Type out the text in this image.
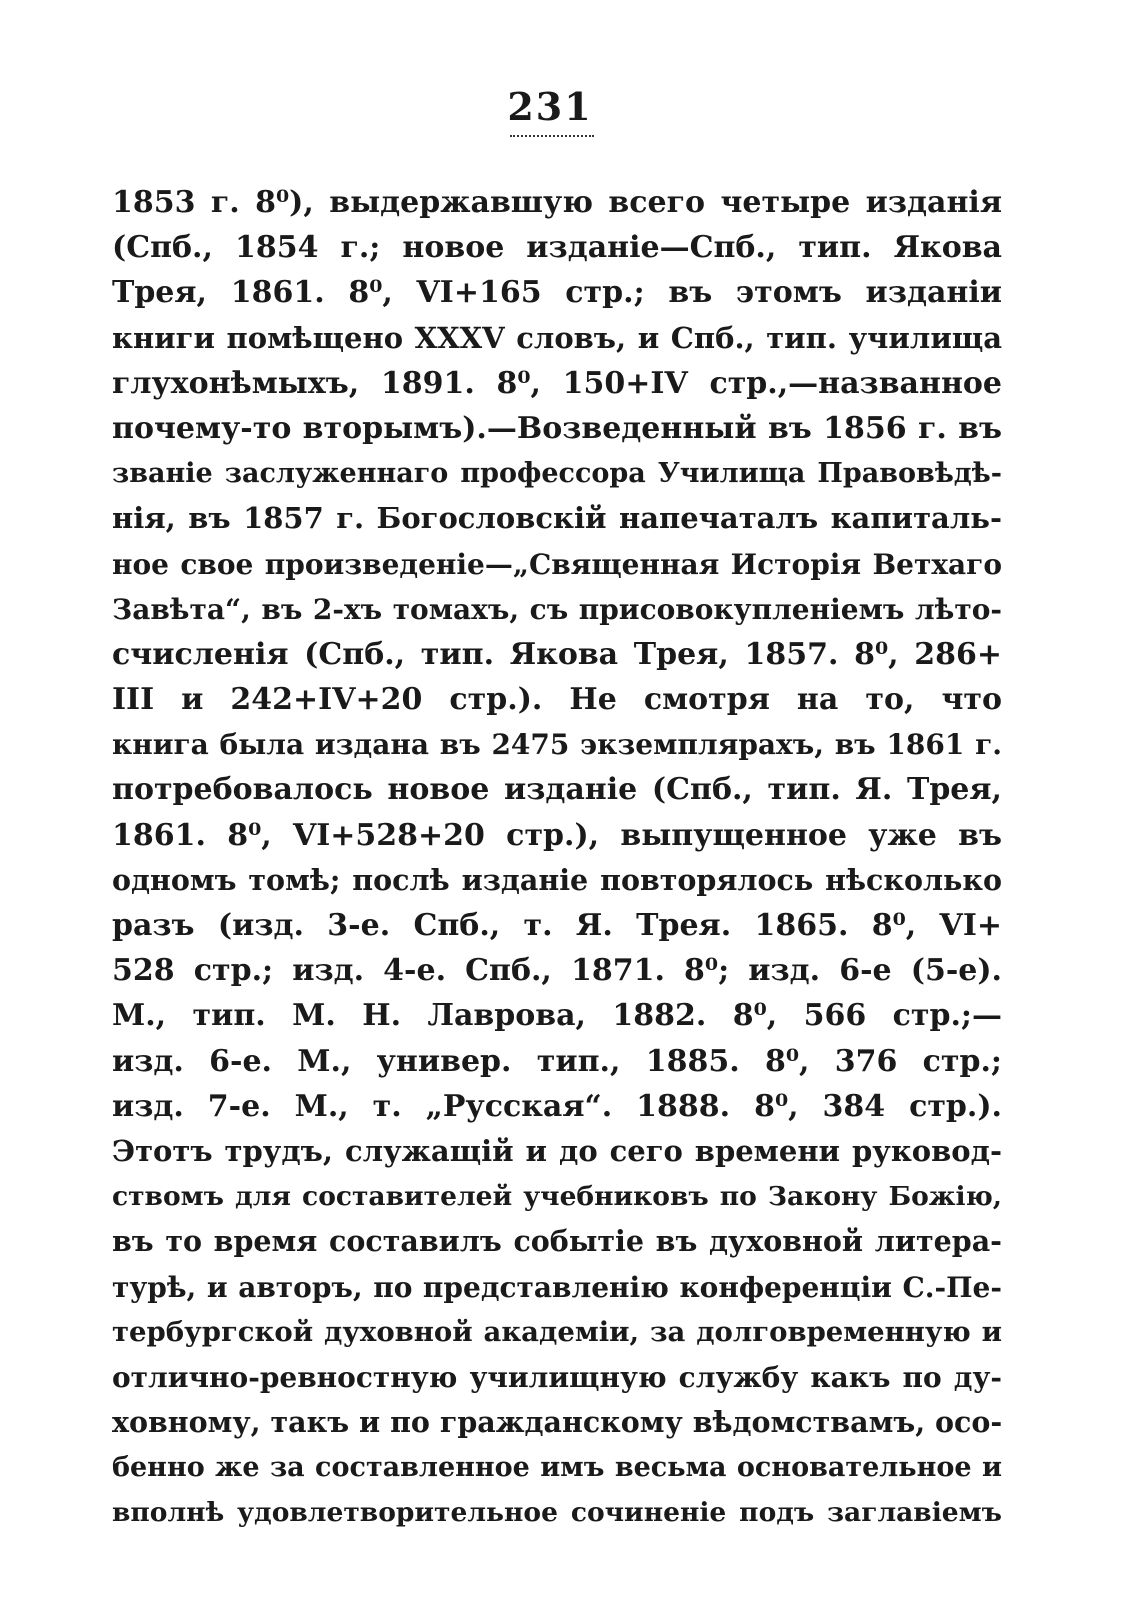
231
1853 г. 8⁰), выдержавшую всего четыре изданія
(Спб., 1854 г.; новое изданіе—Спб., тип. Якова
Трея, 1861. 8⁰, VI+165 стр.; въ этомъ изданіи
книги помѣщено XXXV словъ, и Спб., тип. училища
глухонѣмыхъ, 1891. 8⁰, 150+IV стр.,—названное
почему-то вторымъ).—Возведенный въ 1856 г. въ
званіе заслуженнаго профессора Училища Правовѣдѣ-
нія, въ 1857 г. Богословскій напечаталъ капиталь-
ное свое произведеніе—„Священная Исторія Ветхаго
Завѣта“, въ 2-хъ томахъ, съ присовокупленіемъ лѣто-
счисленія (Спб., тип. Якова Трея, 1857. 8⁰, 286+
III и 242+IV+20 стр.). Не смотря на то, что
книга была издана въ 2475 экземплярахъ, въ 1861 г.
потребовалось новое изданіе (Спб., тип. Я. Трея,
1861. 8⁰, VI+528+20 стр.), выпущенное уже въ
одномъ томѣ; послѣ изданіе повторялось нѣсколько
разъ (изд. 3-е. Спб., т. Я. Трея. 1865. 8⁰, VI+
528 стр.; изд. 4-е. Спб., 1871. 8⁰; изд. 6-е (5-е).
М., тип. М. Н. Лаврова, 1882. 8⁰, 566 стр.;—
изд. 6-е. М., универ. тип., 1885. 8⁰, 376 стр.;
изд. 7-е. М., т. „Русская“. 1888. 8⁰, 384 стр.).
Этотъ трудъ, служащій и до сего времени руковод-
ствомъ для составителей учебниковъ по Закону Божію,
въ то время составилъ событіе въ духовной литера-
турѣ, и авторъ, по представленію конференціи С.-Пе-
тербургской духовной академіи, за долговременную и
отлично-ревностную училищную службу какъ по ду-
ховному, такъ и по гражданскому вѣдомствамъ, осо-
бенно же за составленное имъ весьма основательное и
вполнѣ удовлетворительное сочиненіе подъ заглавіемъ
